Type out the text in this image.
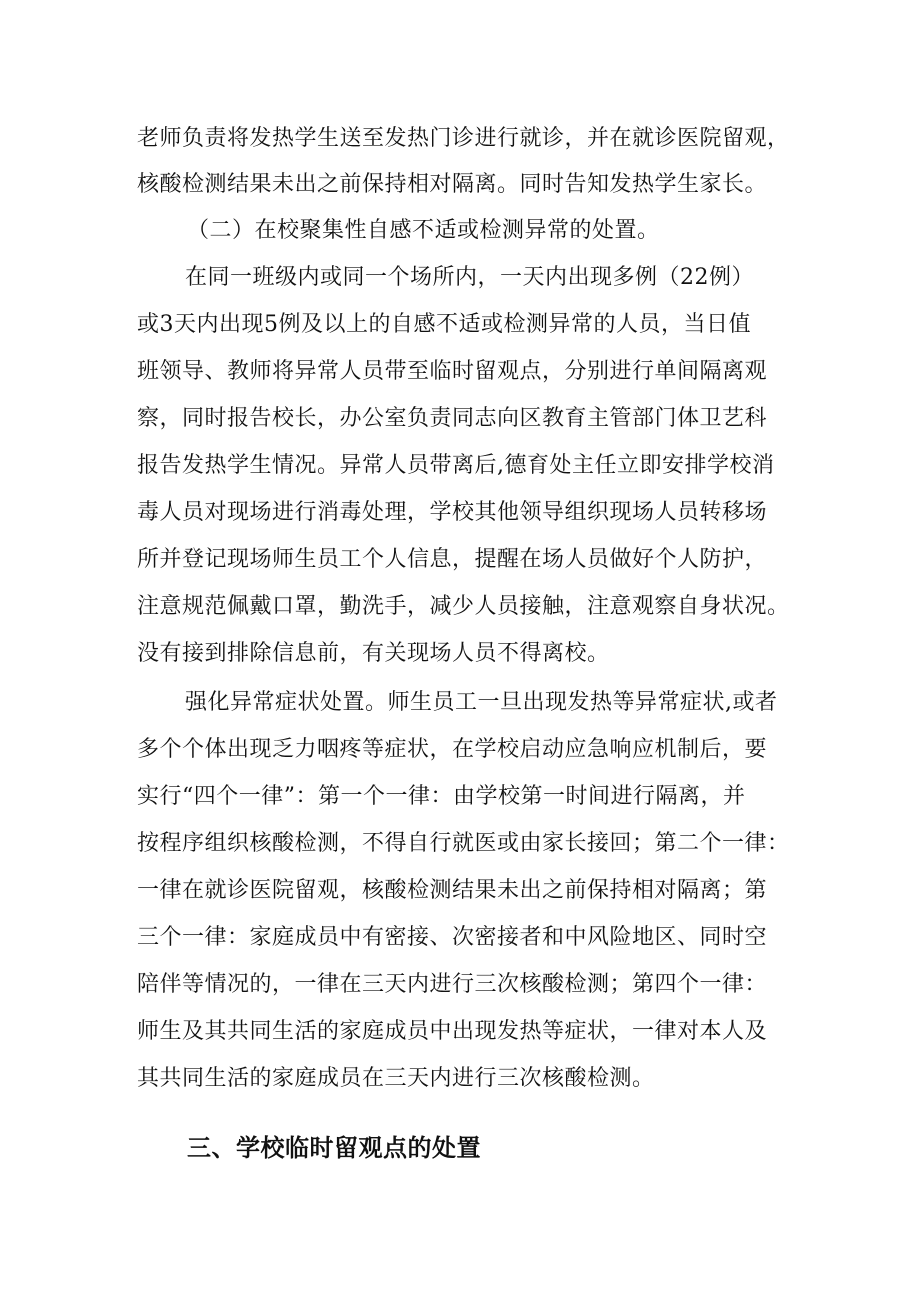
老师负责将发热学生送至发热门诊进行就诊，并在就诊医院留观，
核酸检测结果未出之前保持相对隔离。同时告知发热学生家长。
（二）在校聚集性自感不适或检测异常的处置。
在同一班级内或同一个场所内，一天内出现多例（22例）
或3天内出现5例及以上的自感不适或检测异常的人员，当日值
班领导、教师将异常人员带至临时留观点，分别进行单间隔离观
察，同时报告校长，办公室负责同志向区教育主管部门体卫艺科
报告发热学生情况。异常人员带离后,德育处主任立即安排学校消
毒人员对现场进行消毒处理，学校其他领导组织现场人员转移场
所并登记现场师生员工个人信息，提醒在场人员做好个人防护，
注意规范佩戴口罩，勤洗手，减少人员接触，注意观察自身状况。
没有接到排除信息前，有关现场人员不得离校。
强化异常症状处置。师生员工一旦出现发热等异常症状,或者
多个个体出现乏力咽疼等症状，在学校启动应急响应机制后，要
实行“四个一律”：第一个一律：由学校第一时间进行隔离，并
按程序组织核酸检测，不得自行就医或由家长接回；第二个一律：
一律在就诊医院留观，核酸检测结果未出之前保持相对隔离；第
三个一律：家庭成员中有密接、次密接者和中风险地区、同时空
陪伴等情况的，一律在三天内进行三次核酸检测；第四个一律：
师生及其共同生活的家庭成员中出现发热等症状，一律对本人及
其共同生活的家庭成员在三天内进行三次核酸检测。
三、学校临时留观点的处置
